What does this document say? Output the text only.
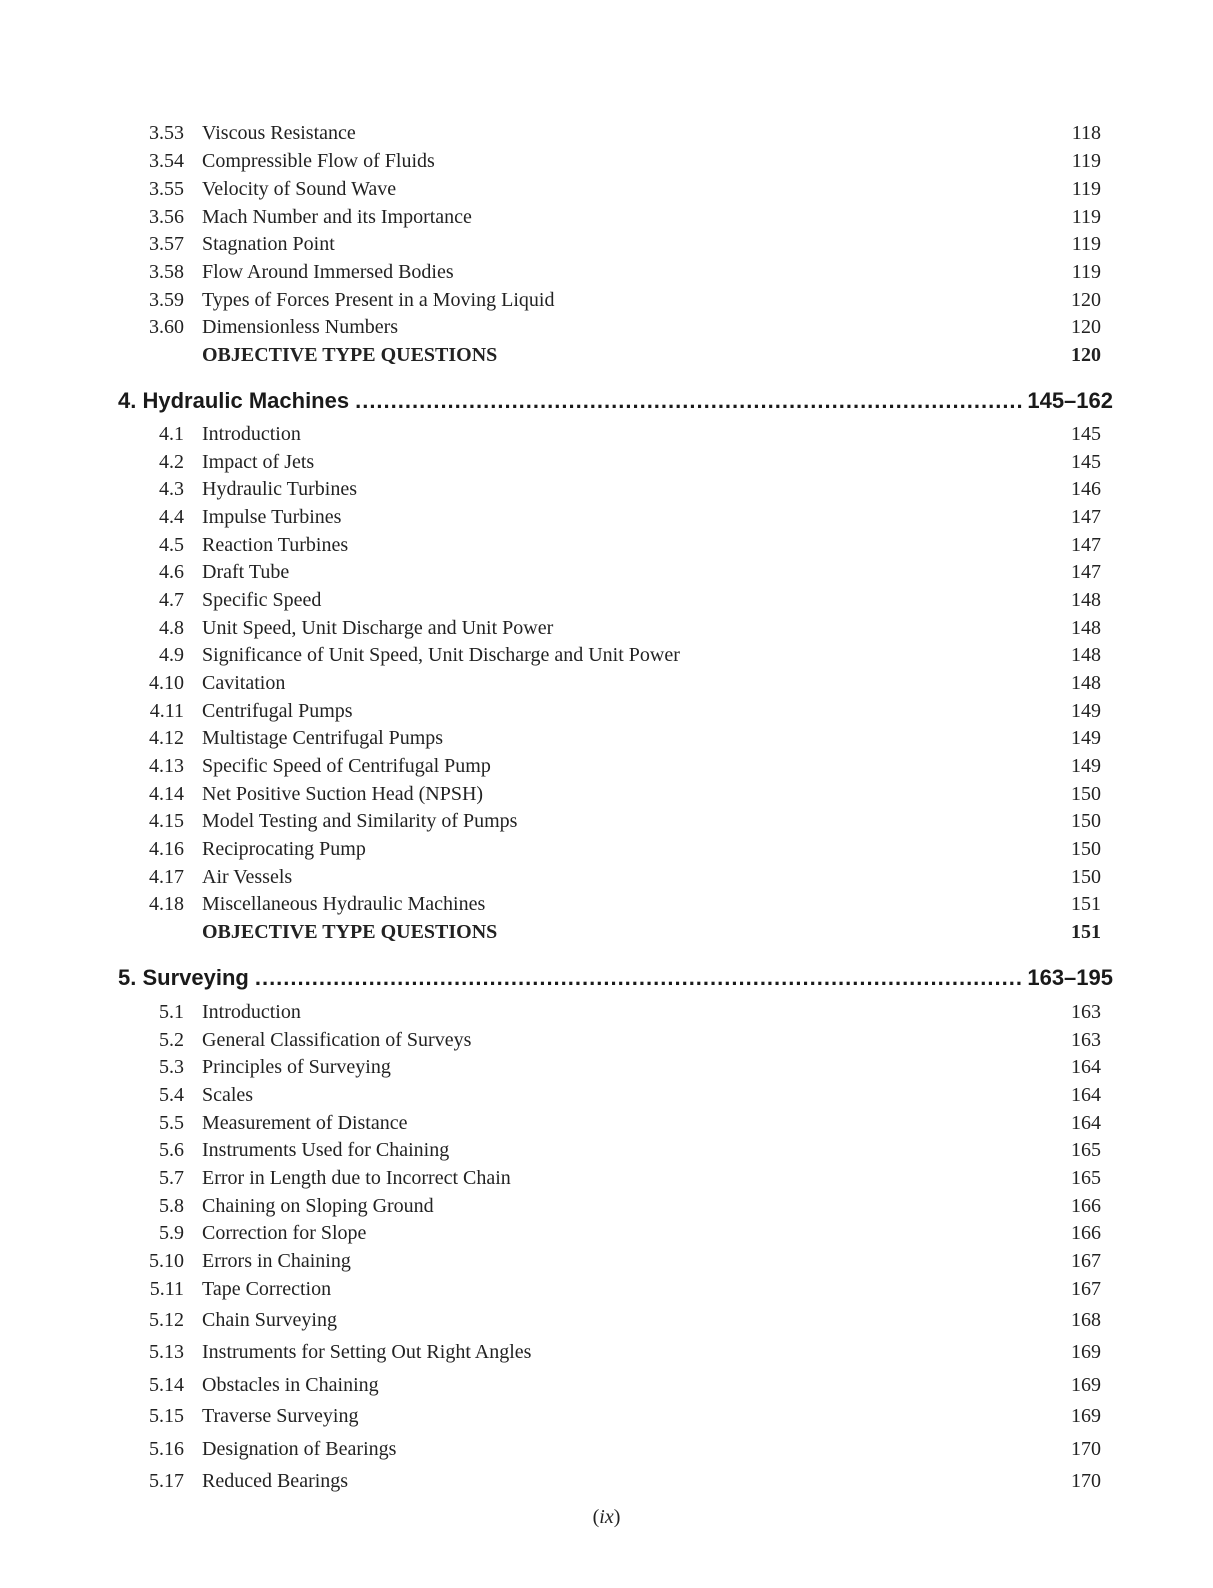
3.53 Viscous Resistance	118
3.54 Compressible Flow of Fluids	119
3.55 Velocity of Sound Wave	119
3.56 Mach Number and its Importance	119
3.57 Stagnation Point	119
3.58 Flow Around Immersed Bodies	119
3.59 Types of Forces Present in a Moving Liquid	120
3.60 Dimensionless Numbers	120
OBJECTIVE TYPE QUESTIONS	120
4. Hydraulic Machines .....	145–162
4.1 Introduction	145
4.2 Impact of Jets	145
4.3 Hydraulic Turbines	146
4.4 Impulse Turbines	147
4.5 Reaction Turbines	147
4.6 Draft Tube	147
4.7 Specific Speed	148
4.8 Unit Speed, Unit Discharge and Unit Power	148
4.9 Significance of Unit Speed, Unit Discharge and Unit Power	148
4.10 Cavitation	148
4.11 Centrifugal Pumps	149
4.12 Multistage Centrifugal Pumps	149
4.13 Specific Speed of Centrifugal Pump	149
4.14 Net Positive Suction Head (NPSH)	150
4.15 Model Testing and Similarity of Pumps	150
4.16 Reciprocating Pump	150
4.17 Air Vessels	150
4.18 Miscellaneous Hydraulic Machines	151
OBJECTIVE TYPE QUESTIONS	151
5. Surveying .....	163–195
5.1 Introduction	163
5.2 General Classification of Surveys	163
5.3 Principles of Surveying	164
5.4 Scales	164
5.5 Measurement of Distance	164
5.6 Instruments Used for Chaining	165
5.7 Error in Length due to Incorrect Chain	165
5.8 Chaining on Sloping Ground	166
5.9 Correction for Slope	166
5.10 Errors in Chaining	167
5.11 Tape Correction	167
5.12 Chain Surveying	168
5.13 Instruments for Setting Out Right Angles	169
5.14 Obstacles in Chaining	169
5.15 Traverse Surveying	169
5.16 Designation of Bearings	170
5.17 Reduced Bearings	170
(ix)
